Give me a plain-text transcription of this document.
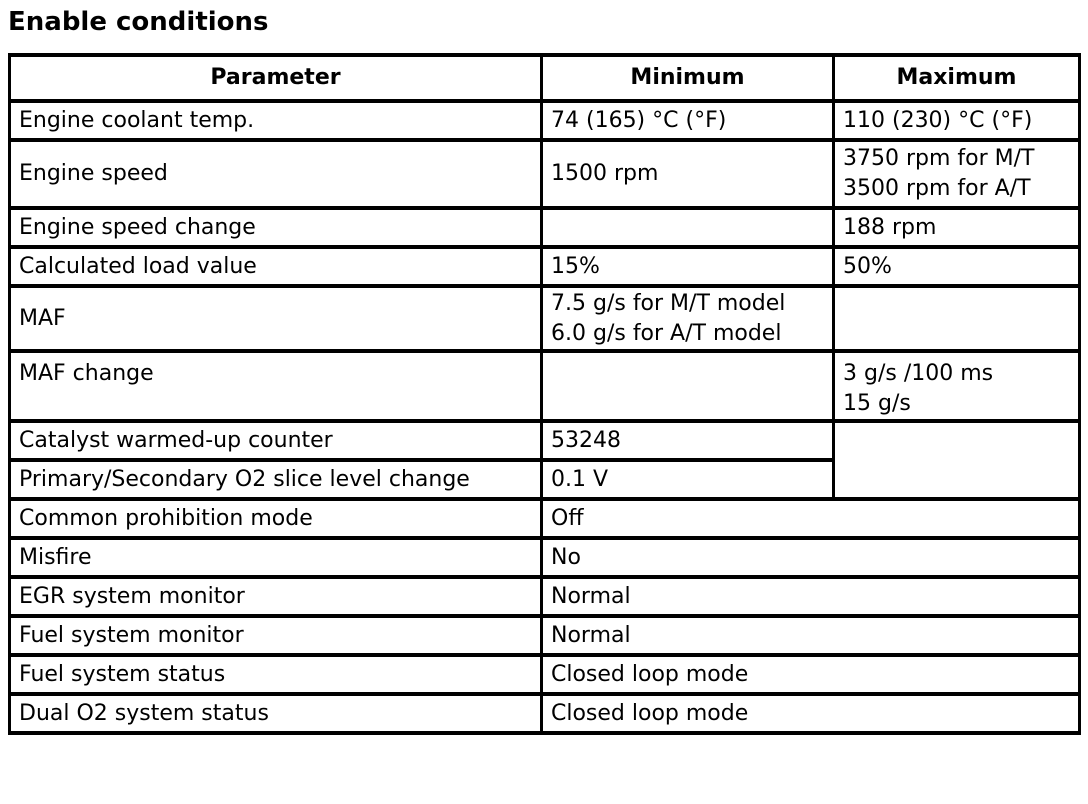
Enable conditions
Parameter	Minimum	Maximum
Engine coolant temp.	74 (165) °C (°F)	110 (230) °C (°F)
Engine speed	1500 rpm	3750 rpm for M/T
3500 rpm for A/T

Engine speed change		188 rpm
Calculated load value	15%	50%
MAF	7.5 g/s for M/T model
6.0 g/s for A/T model	

MAF change		3 g/s /100 ms
15 g/s

Catalyst warmed-up counter	53248	
Primary/Secondary O2 slice level change	0.1 V	
Common prohibition mode	Off	
Misfire	No	
EGR system monitor	Normal	
Fuel system monitor	Normal	
Fuel system status	Closed loop mode	
Dual O2 system status	Closed loop mode	
